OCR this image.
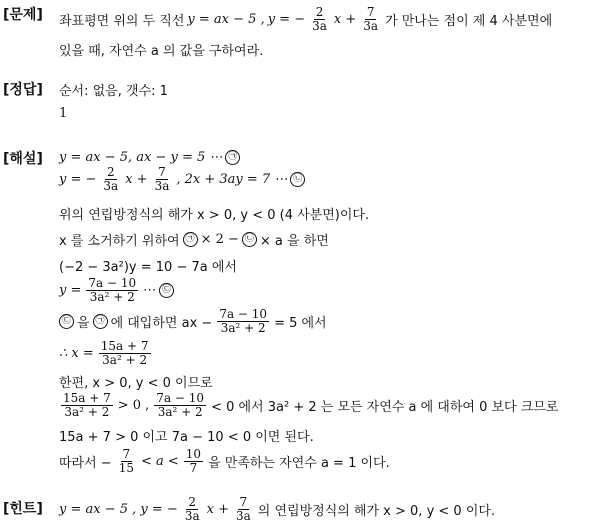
[문제]
[정답]
[해설]
[힌트]
좌표평면 위의 두 직선 y = ax − 5 , y = − $\frac{2}{3a}$ $x + \frac{7}{3a}$ 가 만나는 점이 제 4 사분면에
있을 때, 자연수 a 의 값을 구하여라.
순서: 없음, 갯수: 1
1
y = ax − 5, ax − y = 5 ⋯ ㉠
y = − $\frac{2}{3a}$ $x + \frac{7}{3a}$ , 2x + 3ay = 7 ⋯ ㉡
위의 연립방정식의 해가 x > 0, y < 0 (4 사분면)이다.
x 를 소거하기 위하여 ㉠ × 2 − ㉡ × a 을 하면
(−2 − 3a²)y = 10 − 7a 에서
$y = \frac{7a - 10}{\text{3a² + 2}}$ ⋯ ㉢
㉢ 을 ㉠ 에 대입하면 ax − $\frac{7a - 10}{\text{3a² + 2}} = 5$ 에서
∴ $x = \frac{15a + 7}{\text{3a² + 2}}$
한편, x > 0, y < 0 이므로
15a + 7
3a² + 2 > 0 , 7a − 10
3a² + 2 < 0 에서 3a² + 2 는 모든 자연수 a 에 대하여 0 보다 크므로
15a + 7 > 0 이고 7a − 10 < 0 이면 된다.
따라서 − $\frac{7}{15} < a < 10$
7 을 만족하는 자연수 a = 1 이다.
y = ax − 5 , y = − $\frac{2}{3a}$ $x + \frac{7}{3a}$ 의 연립방정식의 해가 x > 0, y < 0 이다.
